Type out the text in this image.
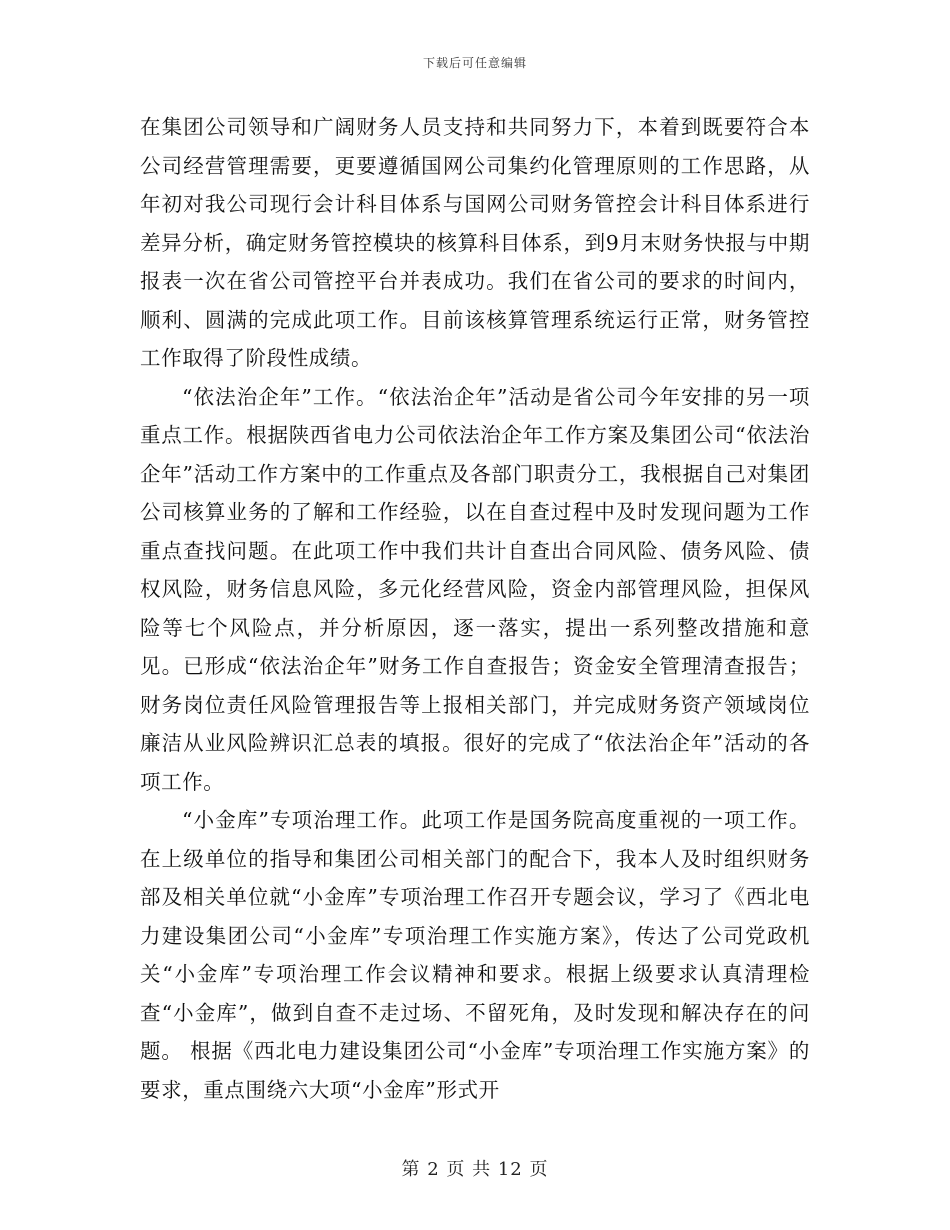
下载后可任意编辑

在集团公司领导和广阔财务人员支持和共同努力下，本着到既要符合本公司经营管理需要，更要遵循国网公司集约化管理原则的工作思路，从年初对我公司现行会计科目体系与国网公司财务管控会计科目体系进行差异分析，确定财务管控模块的核算科目体系，到9月末财务快报与中期报表一次在省公司管控平台并表成功。我们在省公司的要求的时间内，顺利、圆满的完成此项工作。目前该核算管理系统运行正常，财务管控工作取得了阶段性成绩。

“依法治企年”工作。“依法治企年”活动是省公司今年安排的另一项重点工作。根据陕西省电力公司依法治企年工作方案及集团公司“依法治企年”活动工作方案中的工作重点及各部门职责分工，我根据自己对集团公司核算业务的了解和工作经验，以在自查过程中及时发现问题为工作重点查找问题。在此项工作中我们共计自查出合同风险、债务风险、债权风险，财务信息风险，多元化经营风险，资金内部管理风险，担保风险等七个风险点，并分析原因，逐一落实，提出一系列整改措施和意见。已形成“依法治企年”财务工作自查报告；资金安全管理清查报告；财务岗位责任风险管理报告等上报相关部门，并完成财务资产领域岗位廉洁从业风险辨识汇总表的填报。很好的完成了“依法治企年”活动的各项工作。

“小金库”专项治理工作。此项工作是国务院高度重视的一项工作。在上级单位的指导和集团公司相关部门的配合下，我本人及时组织财务部及相关单位就“小金库”专项治理工作召开专题会议，学习了《西北电力建设集团公司“小金库”专项治理工作实施方案》，传达了公司党政机关“小金库”专项治理工作会议精神和要求。根据上级要求认真清理检查“小金库”，做到自查不走过场、不留死角，及时发现和解决存在的问题。 根据《西北电力建设集团公司“小金库”专项治理工作实施方案》的要求，重点围绕六大项“小金库”形式开

第 2 页 共 12 页
